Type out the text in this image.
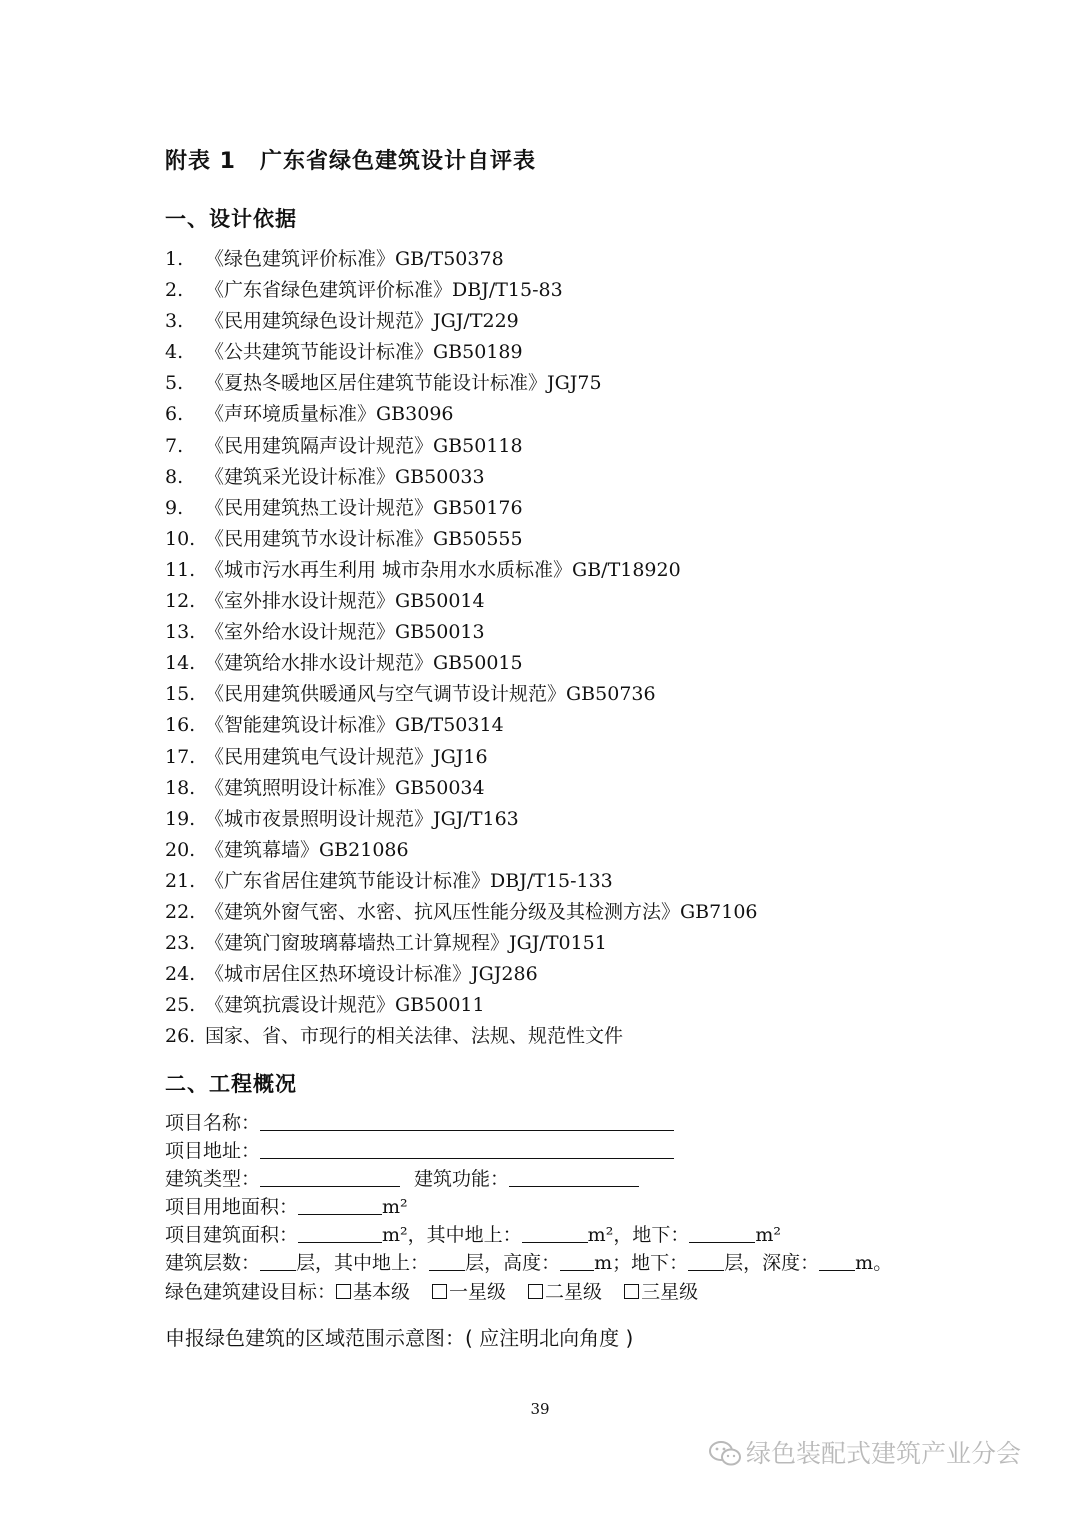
附表 1 广东省绿色建筑设计自评表
一、设计依据
1. 《绿色建筑评价标准》GB/T50378
2. 《广东省绿色建筑评价标准》DBJ/T15-83
3. 《民用建筑绿色设计规范》JGJ/T229
4. 《公共建筑节能设计标准》GB50189
5. 《夏热冬暖地区居住建筑节能设计标准》JGJ75
6. 《声环境质量标准》GB3096
7. 《民用建筑隔声设计规范》GB50118
8. 《建筑采光设计标准》GB50033
9. 《民用建筑热工设计规范》GB50176
10. 《民用建筑节水设计标准》GB50555
11. 《城市污水再生利用 城市杂用水水质标准》GB/T18920
12. 《室外排水设计规范》GB50014
13. 《室外给水设计规范》GB50013
14. 《建筑给水排水设计规范》GB50015
15. 《民用建筑供暖通风与空气调节设计规范》GB50736
16. 《智能建筑设计标准》GB/T50314
17. 《民用建筑电气设计规范》JGJ16
18. 《建筑照明设计标准》GB50034
19. 《城市夜景照明设计规范》JGJ/T163
20. 《建筑幕墙》GB21086
21. 《广东省居住建筑节能设计标准》DBJ/T15-133
22. 《建筑外窗气密、水密、抗风压性能分级及其检测方法》GB7106
23. 《建筑门窗玻璃幕墙热工计算规程》JGJ/T0151
24. 《城市居住区热环境设计标准》JGJ286
25. 《建筑抗震设计规范》GB50011
26. 国家、省、市现行的相关法律、法规、规范性文件
二、工程概况
项目名称：
项目地址：
建筑类型：	建筑功能：
项目用地面积：	m²
项目建筑面积：	m²，其中地上：	m²，地下：	m²
建筑层数： 层，其中地上： 层，高度： m；地下： 层，深度： m。
绿色建筑建设目标： 基本级 一星级 二星级 三星级
申报绿色建筑的区域范围示意图：( 应注明北向角度 )
39
绿色装配式建筑产业分会
